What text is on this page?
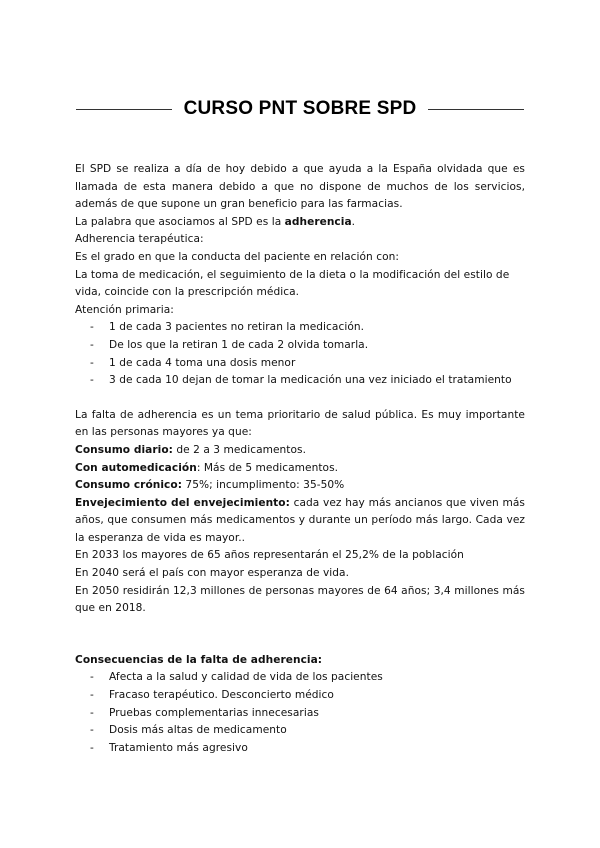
CURSO PNT SOBRE SPD

El SPD se realiza a día de hoy debido a que ayuda a la España olvidada que es llamada de esta manera debido a que no dispone de muchos de los servicios, además de que supone un gran beneficio para las farmacias.

La palabra que asociamos al SPD es la adherencia.

Adherencia terapéutica:

Es el grado en que la conducta del paciente en relación con:

La toma de medicación, el seguimiento de la dieta o la modificación del estilo de vida, coincide con la prescripción médica.

Atención primaria:

- 1 de cada 3 pacientes no retiran la medicación.
- De los que la retiran 1 de cada 2 olvida tomarla.
- 1 de cada 4 toma una dosis menor
- 3 de cada 10 dejan de tomar la medicación una vez iniciado el tratamiento

La falta de adherencia es un tema prioritario de salud pública. Es muy importante en las personas mayores ya que:

Consumo diario: de 2 a 3 medicamentos.

Con automedicación: Más de 5 medicamentos.

Consumo crónico: 75%; incumplimento: 35-50%

Envejecimiento del envejecimiento: cada vez hay más ancianos que viven más años, que consumen más medicamentos y durante un período más largo. Cada vez la esperanza de vida es mayor..

En 2033 los mayores de 65 años representarán el 25,2% de la población

En 2040 será el país con mayor esperanza de vida.

En 2050 residirán 12,3 millones de personas mayores de 64 años; 3,4 millones más que en 2018.

Consecuencias de la falta de adherencia:

- Afecta a la salud y calidad de vida de los pacientes
- Fracaso terapéutico. Desconcierto médico
- Pruebas complementarias innecesarias
- Dosis más altas de medicamento
- Tratamiento más agresivo
